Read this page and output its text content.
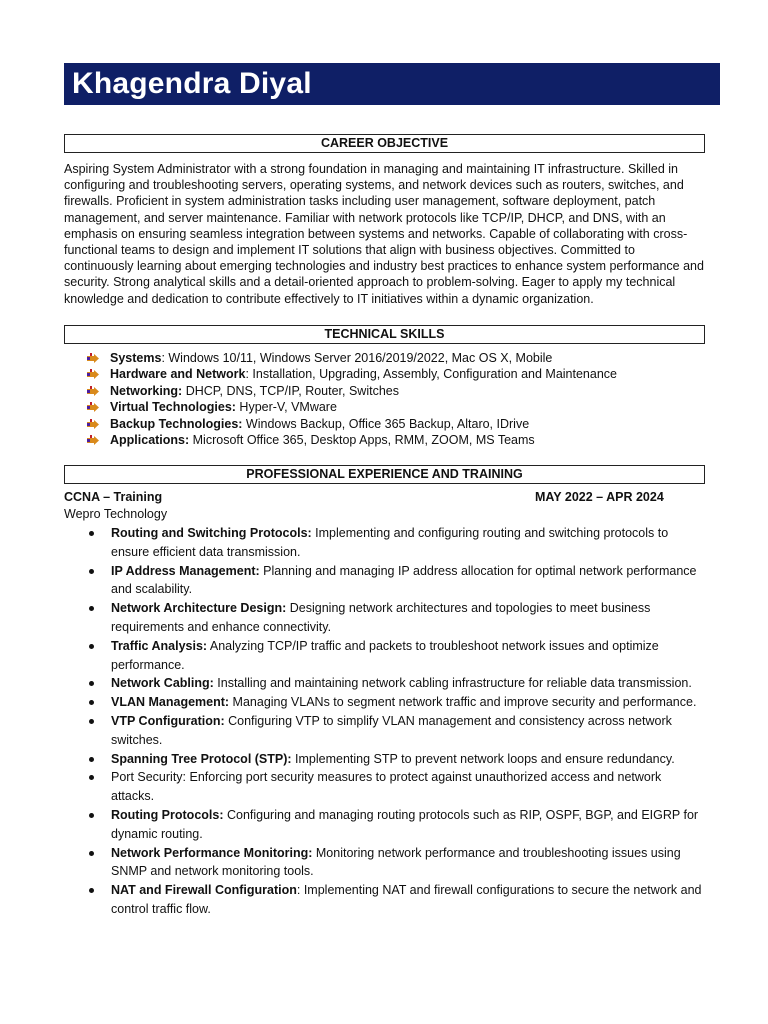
Khagendra Diyal
CAREER OBJECTIVE

Aspiring System Administrator with a strong foundation in managing and maintaining IT infrastructure. Skilled in configuring and troubleshooting servers, operating systems, and network devices such as routers, switches, and firewalls. Proficient in system administration tasks including user management, software deployment, patch management, and server maintenance. Familiar with network protocols like TCP/IP, DHCP, and DNS, with an emphasis on ensuring seamless integration between systems and networks. Capable of collaborating with cross-functional teams to design and implement IT solutions that align with business objectives. Committed to continuously learning about emerging technologies and industry best practices to enhance system performance and security. Strong analytical skills and a detail-oriented approach to problem-solving. Eager to apply my technical knowledge and dedication to contribute effectively to IT initiatives within a dynamic organization.

TECHNICAL SKILLS
Systems: Windows 10/11, Windows Server 2016/2019/2022, Mac OS X, Mobile
Hardware and Network: Installation, Upgrading, Assembly, Configuration and Maintenance
Networking: DHCP, DNS, TCP/IP, Router, Switches
Virtual Technologies: Hyper-V, VMware
Backup Technologies: Windows Backup, Office 365 Backup, Altaro, IDrive
Applications: Microsoft Office 365, Desktop Apps, RMM, ZOOM, MS Teams
PROFESSIONAL EXPERIENCE AND TRAINING
CCNA – Training	MAY 2022 – APR 2024
Wepro Technology
Routing and Switching Protocols: Implementing and configuring routing and switching protocols to ensure efficient data transmission.
IP Address Management: Planning and managing IP address allocation for optimal network performance and scalability.
Network Architecture Design: Designing network architectures and topologies to meet business requirements and enhance connectivity.
Traffic Analysis: Analyzing TCP/IP traffic and packets to troubleshoot network issues and optimize performance.
Network Cabling: Installing and maintaining network cabling infrastructure for reliable data transmission.
VLAN Management: Managing VLANs to segment network traffic and improve security and performance.
VTP Configuration: Configuring VTP to simplify VLAN management and consistency across network switches.
Spanning Tree Protocol (STP): Implementing STP to prevent network loops and ensure redundancy.
Port Security: Enforcing port security measures to protect against unauthorized access and network attacks.
Routing Protocols: Configuring and managing routing protocols such as RIP, OSPF, BGP, and EIGRP for dynamic routing.
Network Performance Monitoring: Monitoring network performance and troubleshooting issues using SNMP and network monitoring tools.
NAT and Firewall Configuration: Implementing NAT and firewall configurations to secure the network and control traffic flow.
